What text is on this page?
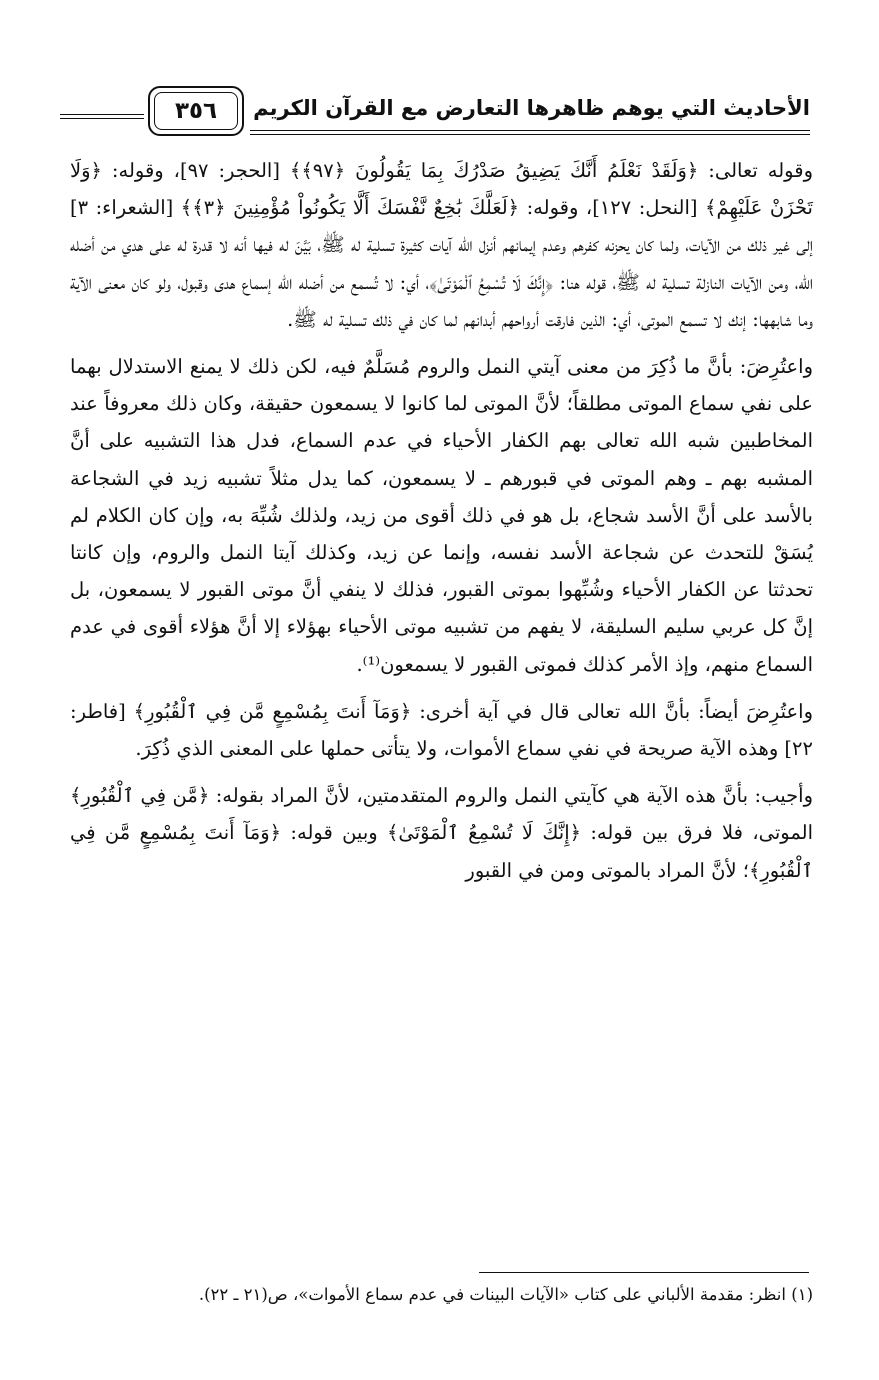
الأحاديث التي يوهم ظاهرها التعارض مع القرآن الكريم
٣٥٦

وقوله تعالى: ﴿وَلَقَدْ نَعْلَمُ أَنَّكَ يَضِيقُ صَدْرُكَ بِمَا يَقُولُونَ ﴿٩٧﴾﴾ [الحجر: ٩٧]، وقوله: ﴿وَلَا تَحْزَنْ عَلَيْهِمْ﴾ [النحل: ١٢٧]، وقوله: ﴿لَعَلَّكَ بَٰخِعٌ نَّفْسَكَ أَلَّا يَكُونُواْ مُؤْمِنِينَ ﴿٣﴾﴾ [الشعراء: ٣] إلى غير ذلك من الآيات، ولما كان يحزنه كفرهم وعدم إيمانهم أنزل الله آيات كثيرة تسلية له ﷺ، بَيَّنَ له فيها أنه لا قدرة له على هدي من أضله الله، ومن الآيات النازلة تسلية له ﷺ، قوله هنا: ﴿إِنَّكَ لَا تُسْمِعُ ٱلْمَوْتَىٰ﴾، أي: لا تُسمع من أضله الله إسماع هدى وقبول، ولو كان معنى الآية وما شابهها: إنك لا تسمع الموتى، أي: الذين فارقت أرواحهم أبدانهم لما كان في ذلك تسلية له ﷺ.

واعتُرِضَ: بأنَّ ما ذُكِرَ من معنى آيتي النمل والروم مُسَلَّمٌ فيه، لكن ذلك لا يمنع الاستدلال بهما على نفي سماع الموتى مطلقاً؛ لأنَّ الموتى لما كانوا لا يسمعون حقيقة، وكان ذلك معروفاً عند المخاطبين شبه الله تعالى بهم الكفار الأحياء في عدم السماع، فدل هذا التشبيه على أنَّ المشبه بهم ـ وهم الموتى في قبورهم ـ لا يسمعون، كما يدل مثلاً تشبيه زيد في الشجاعة بالأسد على أنَّ الأسد شجاع، بل هو في ذلك أقوى من زيد، ولذلك شُبِّهَ به، وإن كان الكلام لم يُسَقْ للتحدث عن شجاعة الأسد نفسه، وإنما عن زيد، وكذلك آيتا النمل والروم، وإن كانتا تحدثتا عن الكفار الأحياء وشُبِّهوا بموتى القبور، فذلك لا ينفي أنَّ موتى القبور لا يسمعون، بل إنَّ كل عربي سليم السليقة، لا يفهم من تشبيه موتى الأحياء بهؤلاء إلا أنَّ هؤلاء أقوى في عدم السماع منهم، وإذ الأمر كذلك فموتى القبور لا يسمعون⁽¹⁾.

واعتُرِضَ أيضاً: بأنَّ الله تعالى قال في آية أخرى: ﴿وَمَآ أَنتَ بِمُسْمِعٍ مَّن فِي ٱلْقُبُورِ﴾ [فاطر: ٢٢] وهذه الآية صريحة في نفي سماع الأموات، ولا يتأتى حملها على المعنى الذي ذُكِرَ.

وأجيب: بأنَّ هذه الآية هي كآيتي النمل والروم المتقدمتين، لأنَّ المراد بقوله: ﴿مَّن فِي ٱلْقُبُورِ﴾ الموتى، فلا فرق بين قوله: ﴿إِنَّكَ لَا تُسْمِعُ ٱلْمَوْتَىٰ﴾ وبين قوله: ﴿وَمَآ أَنتَ بِمُسْمِعٍ مَّن فِي ٱلْقُبُورِ﴾؛ لأنَّ المراد بالموتى ومن في القبور

(١) انظر: مقدمة الألباني على كتاب «الآيات البينات في عدم سماع الأموات»، ص(٢١ ـ ٢٢).
